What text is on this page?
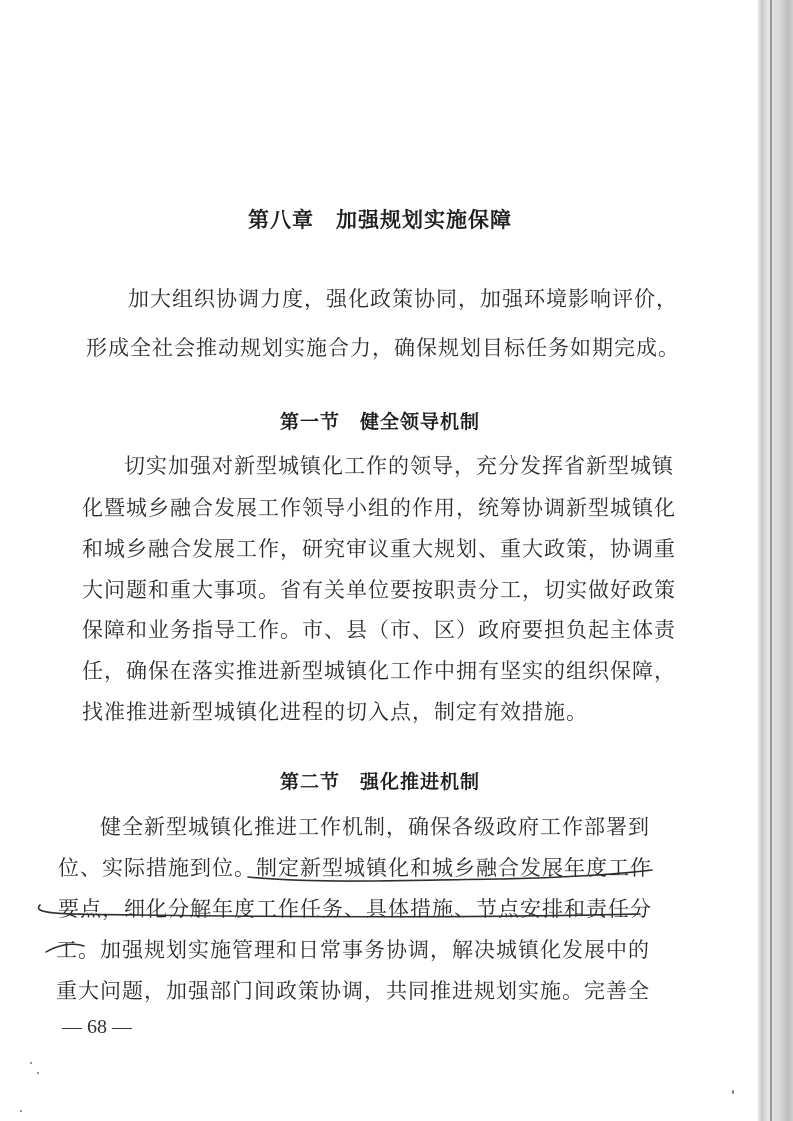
第八章　加强规划实施保障
加大组织协调力度，强化政策协同，加强环境影响评价，
形成全社会推动规划实施合力，确保规划目标任务如期完成。
第一节　健全领导机制
切实加强对新型城镇化工作的领导，充分发挥省新型城镇
化暨城乡融合发展工作领导小组的作用，统筹协调新型城镇化
和城乡融合发展工作，研究审议重大规划、重大政策，协调重
大问题和重大事项。省有关单位要按职责分工，切实做好政策
保障和业务指导工作。市、县（市、区）政府要担负起主体责
任，确保在落实推进新型城镇化工作中拥有坚实的组织保障，
找准推进新型城镇化进程的切入点，制定有效措施。
第二节　强化推进机制
健全新型城镇化推进工作机制，确保各级政府工作部署到
位、实际措施到位。制定新型城镇化和城乡融合发展年度工作
要点，细化分解年度工作任务、具体措施、节点安排和责任分
工。加强规划实施管理和日常事务协调，解决城镇化发展中的
重大问题，加强部门间政策协调，共同推进规划实施。完善全
— 68 —
